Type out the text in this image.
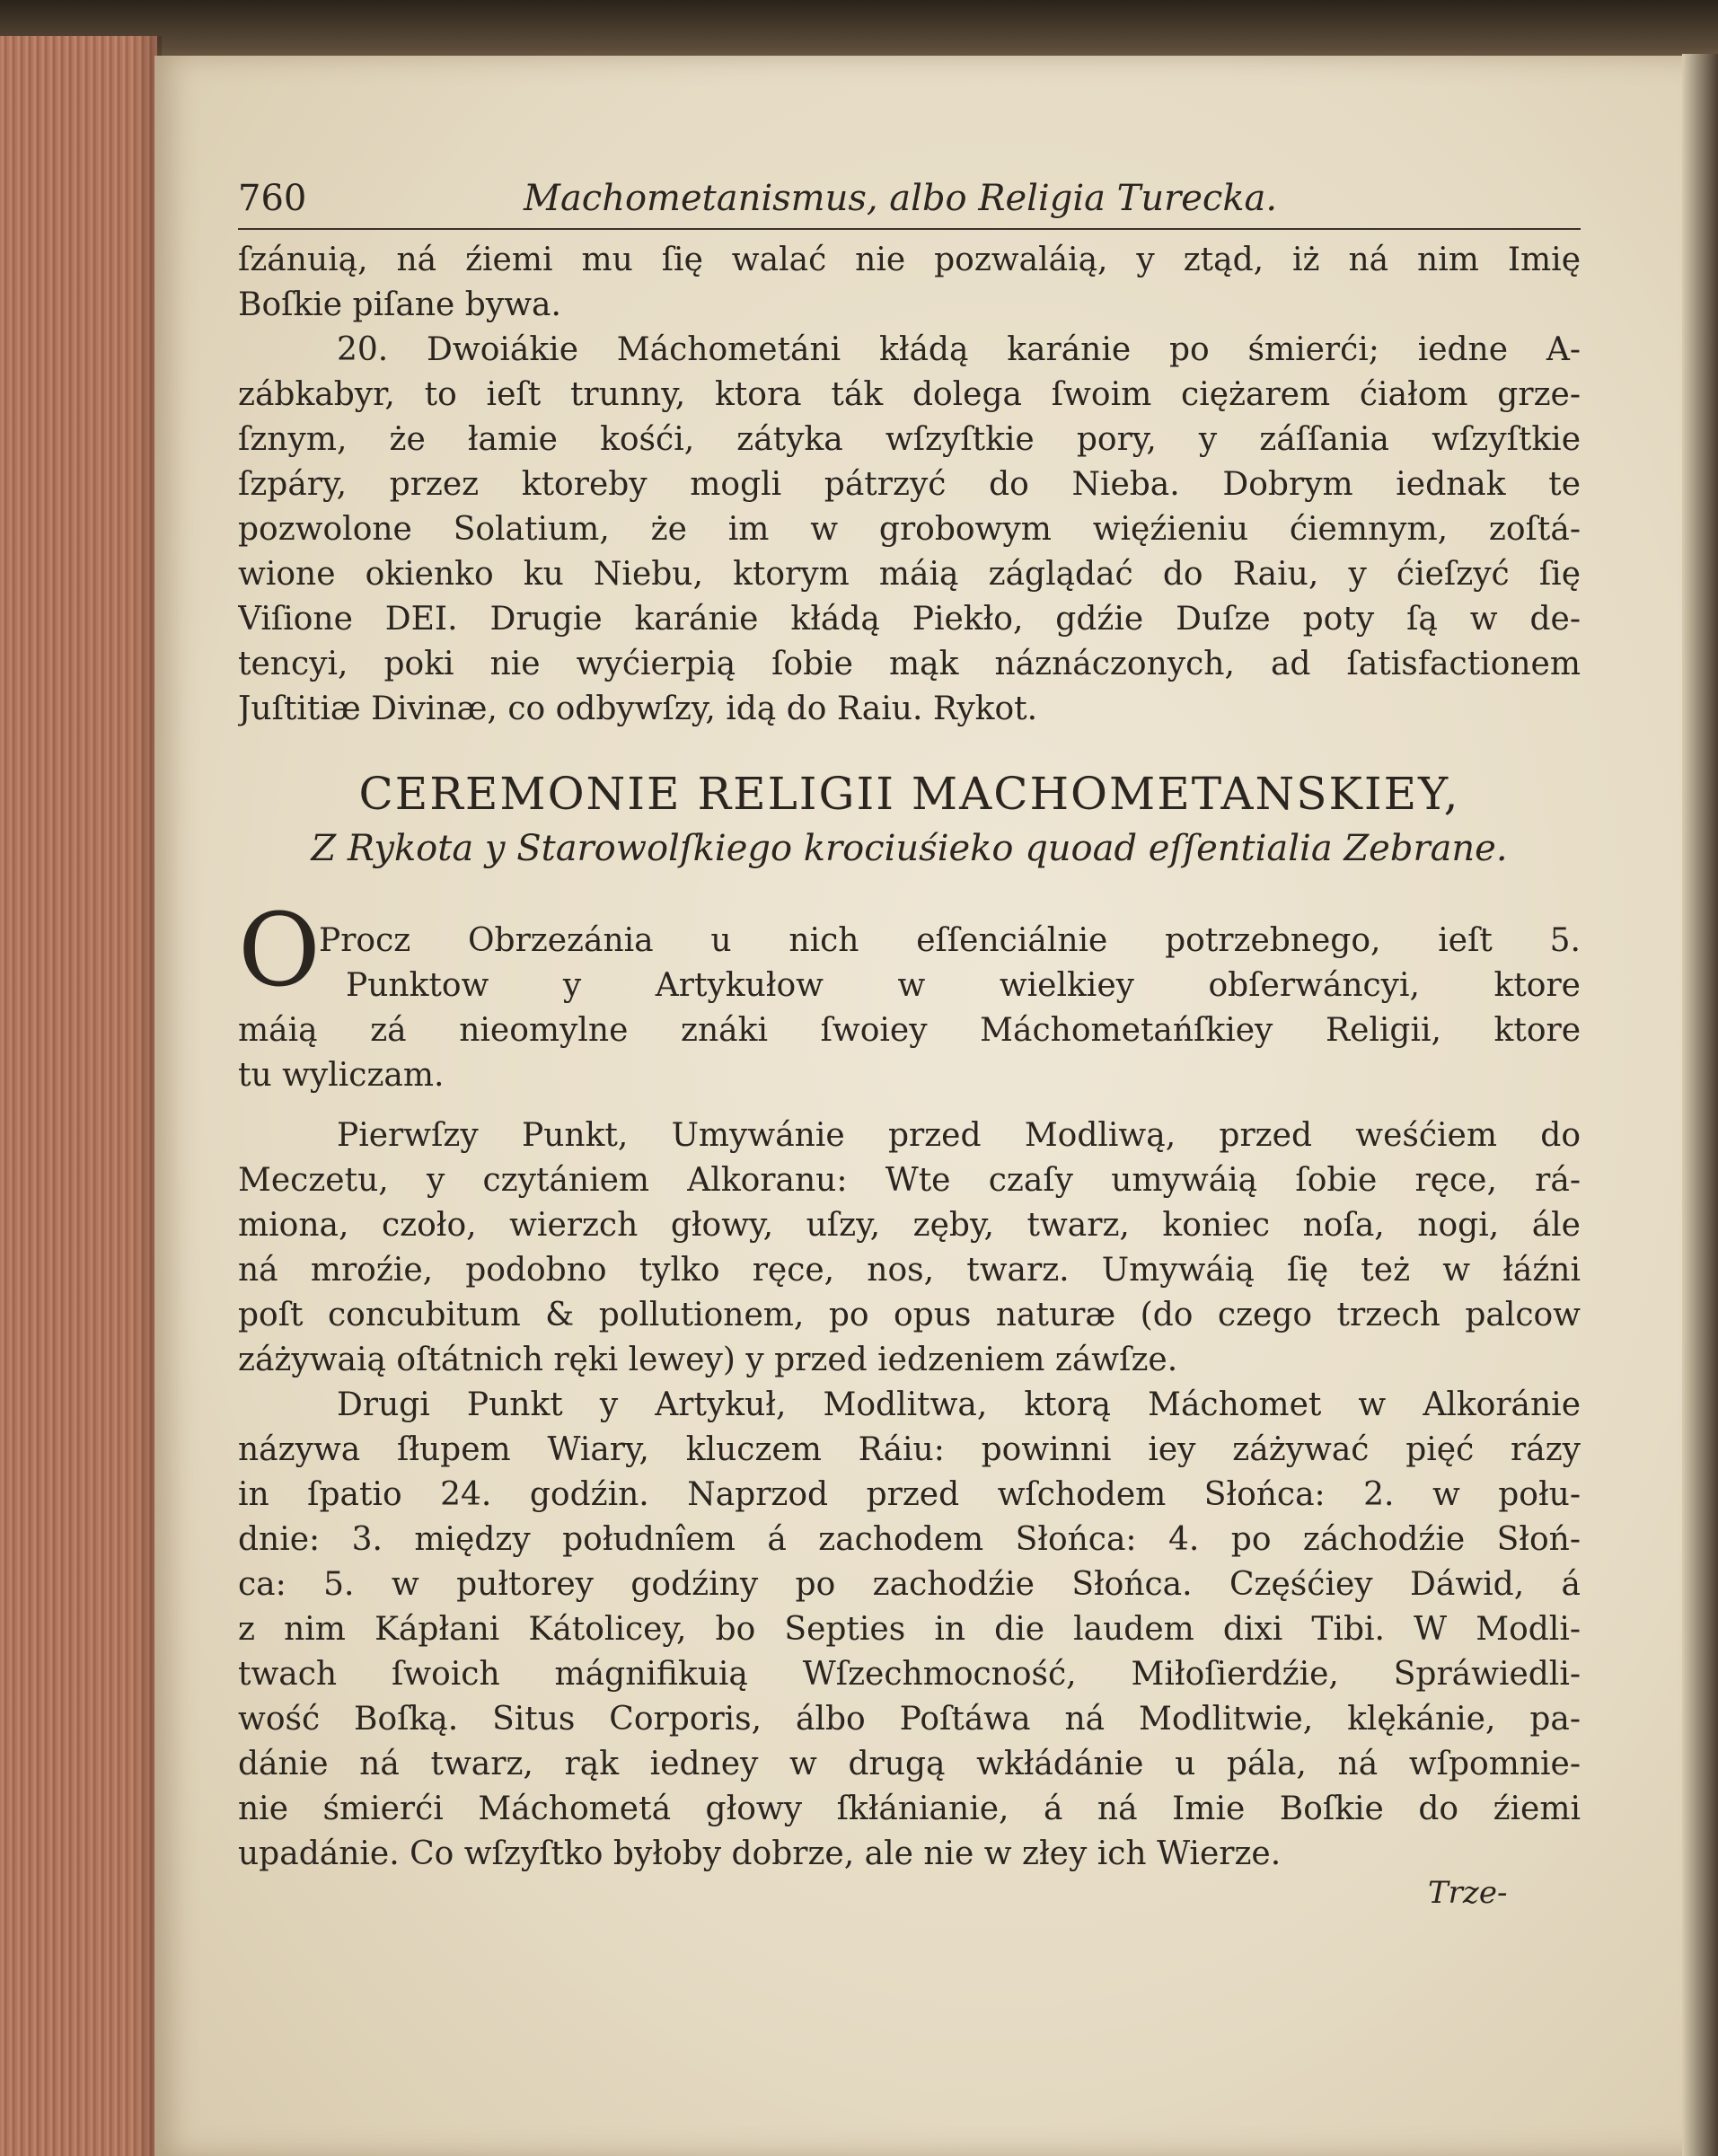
760	Machometanismus, albo Religia Turecka.

ſzánuią, ná źiemi mu ſię walać nie pozwaláią, y ztąd, iż ná nim Imię

Boſkie piſane bywa.

20. Dwoiákie Máchometáni kłádą karánie po śmierći; iedne A-

zábkabyr, to ieſt trunny, ktora ták dolega ſwoim ciężarem ćiałom grze-

ſznym, że łamie kośći, zátyka wſzyſtkie pory, y záſſania wſzyſtkie

ſzpáry, przez ktoreby mogli pátrzyć do Nieba. Dobrym iednak te

pozwolone Solatium, że im w grobowym więźieniu ćiemnym, zoſtá-

wione okienko ku Niebu, ktorym máią záglądać do Raiu, y ćieſzyć ſię

Viſione DEI. Drugie karánie kłádą Piekło, gdźie Duſze poty ſą w de-

tencyi, poki nie wyćierpią ſobie mąk náznáczonych, ad ſatisfactionem

Juſtitiæ Divinæ, co odbywſzy, idą do Raiu. Rykot.

CEREMONIE RELIGII MACHOMETANSKIEY,

Z Rykota y Starowolſkiego krociuśieko quoad eſſentialia Zebrane.

O

Procz Obrzezánia u nich eſſenciálnie potrzebnego, ieſt 5.

Punktow y Artykułow w wielkiey obſerwáncyi, ktore

máią zá nieomylne znáki ſwoiey Máchometańſkiey Religii, ktore

tu wyliczam.

Pierwſzy Punkt, Umywánie przed Modliwą, przed weśćiem do

Meczetu, y czytániem Alkoranu: Wte czaſy umywáią ſobie ręce, rá-

miona, czoło, wierzch głowy, uſzy, zęby, twarz, koniec noſa, nogi, ále

ná mroźie, podobno tylko ręce, nos, twarz. Umywáią ſię też w łáźni

poſt concubitum & pollutionem, po opus naturæ (do czego trzech palcow

záżywaią oſtátnich ręki lewey) y przed iedzeniem záwſze.

Drugi Punkt y Artykuł, Modlitwa, ktorą Máchomet w Alkoránie

názywa ſłupem Wiary, kluczem Ráiu: powinni iey záżywać pięć rázy

in ſpatio 24. godźin. Naprzod przed wſchodem Słońca: 2. w połu-

dnie: 3. między połudnîem á zachodem Słońca: 4. po záchodźie Słoń-

ca: 5. w pułtorey godźiny po zachodźie Słońca. Częśćiey Dáwid, á

z nim Kápłani Kátolicey, bo Septies in die laudem dixi Tibi. W Modli-

twach ſwoich mágnifikuią Wſzechmocność, Miłoſierdźie, Spráwiedli-

wość Boſką. Situs Corporis, álbo Poſtáwa ná Modlitwie, klękánie, pa-

dánie ná twarz, rąk iedney w drugą wkłádánie u pála, ná wſpomnie-

nie śmierći Máchometá głowy ſkłánianie, á ná Imie Boſkie do źiemi

upadánie. Co wſzyſtko byłoby dobrze, ale nie w złey ich Wierze.

Trze-
